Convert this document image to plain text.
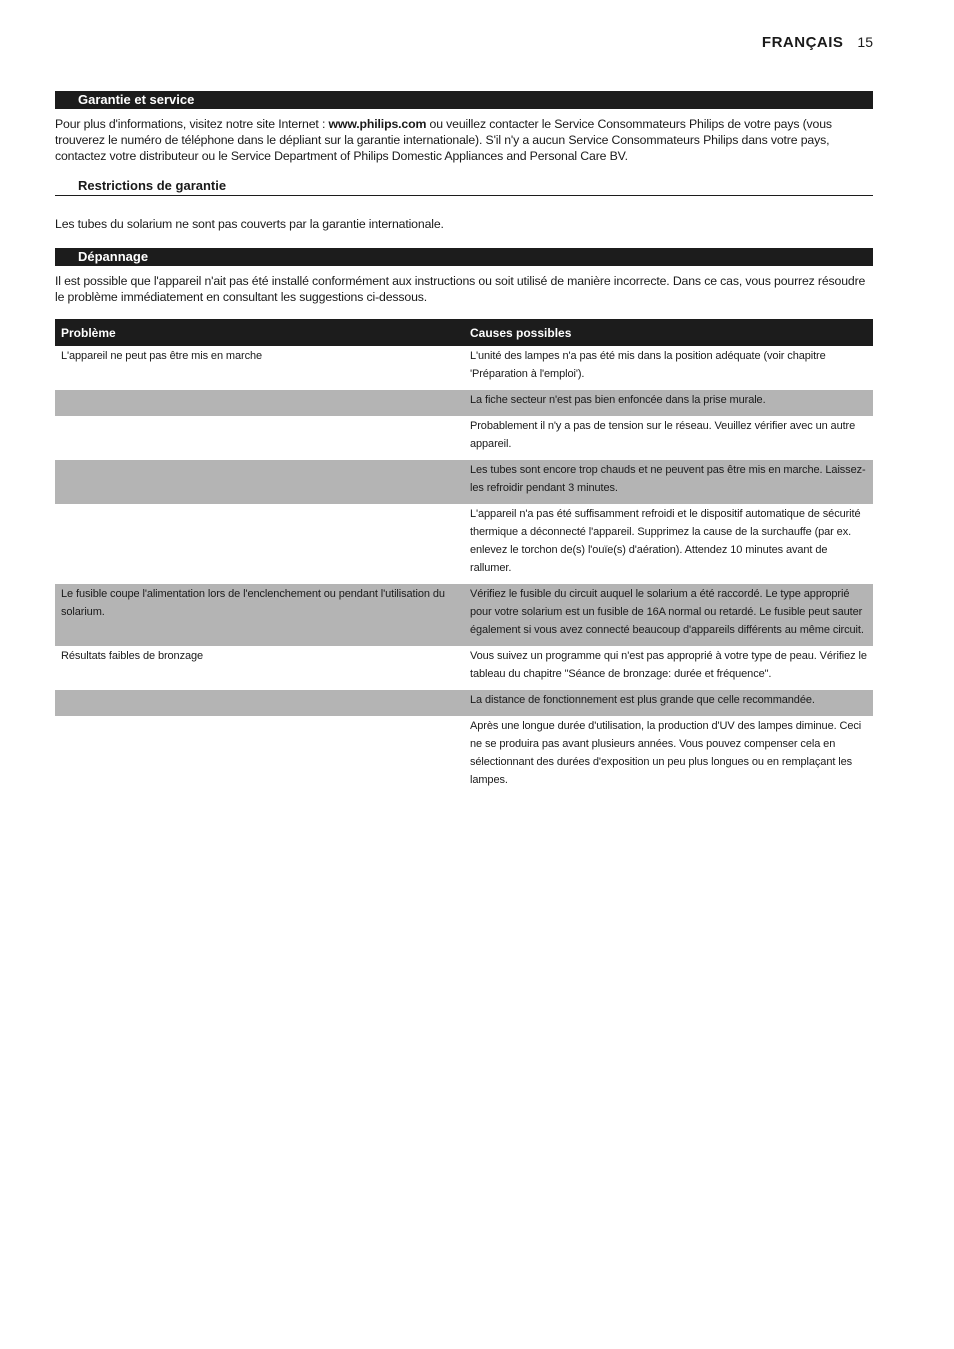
FRANÇAIS 15
Garantie et service
Pour plus d'informations, visitez notre site Internet : www.philips.com ou veuillez contacter le Service Consommateurs Philips de votre pays (vous trouverez le numéro de téléphone dans le dépliant sur la garantie internationale). S'il n'y a aucun Service Consommateurs Philips dans votre pays, contactez votre distributeur ou le Service Department of Philips Domestic Appliances and Personal Care BV.
Restrictions de garantie
Les tubes du solarium ne sont pas couverts par la garantie internationale.
Dépannage
Il est possible que l'appareil n'ait pas été installé conformément aux instructions ou soit utilisé de manière incorrecte. Dans ce cas, vous pourrez résoudre le problème immédiatement en consultant les suggestions ci-dessous.
Problème	Causes possibles
L'appareil ne peut pas être mis en marche	L'unité des lampes n'a pas été mis dans la position adéquate (voir chapitre 'Préparation à l'emploi').
	La fiche secteur n'est pas bien enfoncée dans la prise murale.
	Probablement il n'y a pas de tension sur le réseau. Veuillez vérifier avec un autre appareil.
	Les tubes sont encore trop chauds et ne peuvent pas être mis en marche. Laissez-les refroidir pendant 3 minutes.
	L'appareil n'a pas été suffisamment refroidi et le dispositif automatique de sécurité thermique a déconnecté l'appareil. Supprimez la cause de la surchauffe (par ex. enlevez le torchon de(s) l'ouïe(s) d'aération). Attendez 10 minutes avant de rallumer.
Le fusible coupe l'alimentation lors de l'enclenchement ou pendant l'utilisation du solarium.	Vérifiez le fusible du circuit auquel le solarium a été raccordé. Le type approprié pour votre solarium est un fusible de 16A normal ou retardé. Le fusible peut sauter également si vous avez connecté beaucoup d'appareils différents au même circuit.
Résultats faibles de bronzage	Vous suivez un programme qui n'est pas approprié à votre type de peau. Vérifiez le tableau du chapitre "Séance de bronzage: durée et fréquence".
	La distance de fonctionnement est plus grande que celle recommandée.
	Après une longue durée d'utilisation, la production d'UV des lampes diminue. Ceci ne se produira pas avant plusieurs années. Vous pouvez compenser cela en sélectionnant des durées d'exposition un peu plus longues ou en remplaçant les lampes.
